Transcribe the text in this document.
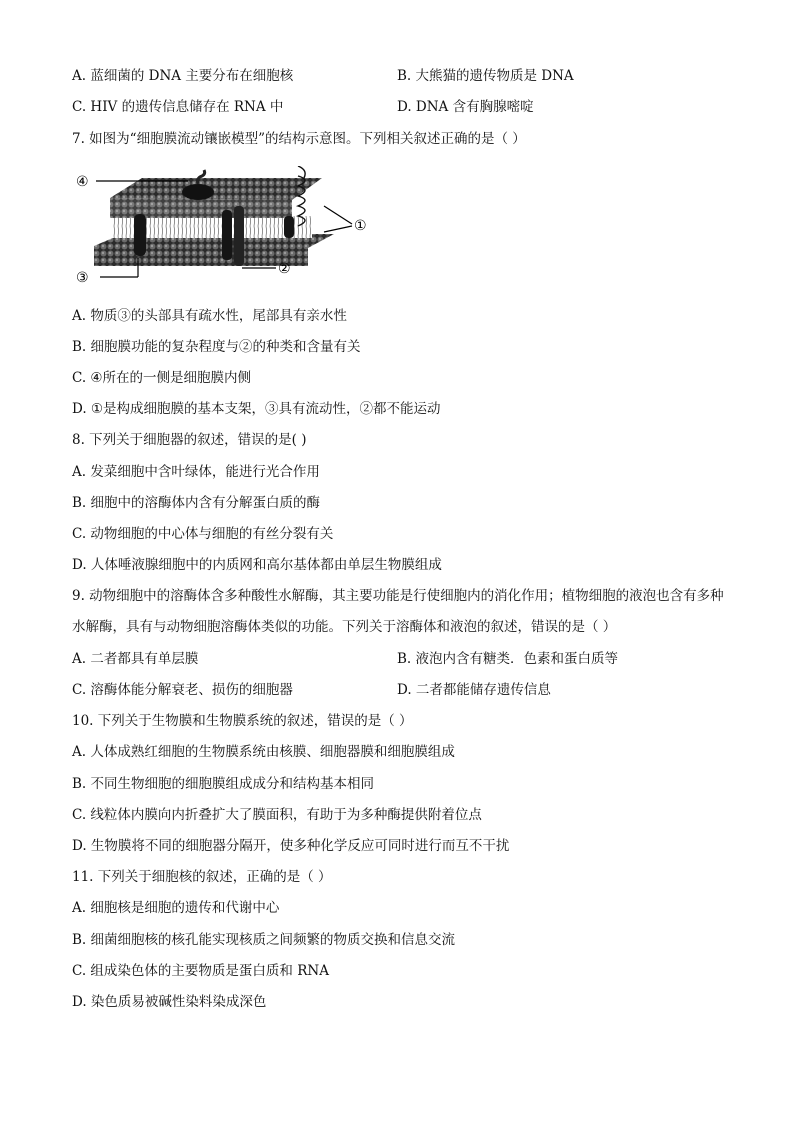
A. 蓝细菌的 DNA 主要分布在细胞核	B. 大熊猫的遗传物质是 DNA
C. HIV 的遗传信息储存在 RNA 中	D. DNA 含有胸腺嘧啶
7. 如图为“细胞膜流动镶嵌模型”的结构示意图。下列相关叙述正确的是（ ）
④
③
②
①
A. 物质③的头部具有疏水性，尾部具有亲水性
B. 细胞膜功能的复杂程度与②的种类和含量有关
C. ④所在的一侧是细胞膜内侧
D. ①是构成细胞膜的基本支架，③具有流动性，②都不能运动
8. 下列关于细胞器的叙述，错误的是( )
A. 发菜细胞中含叶绿体，能进行光合作用
B. 细胞中的溶酶体内含有分解蛋白质的酶
C. 动物细胞的中心体与细胞的有丝分裂有关
D. 人体唾液腺细胞中的内质网和高尔基体都由单层生物膜组成
9. 动物细胞中的溶酶体含多种酸性水解酶，其主要功能是行使细胞内的消化作用；植物细胞的液泡也含有多种水解酶，具有与动物细胞溶酶体类似的功能。下列关于溶酶体和液泡的叙述，错误的是（ ）
A. 二者都具有单层膜	B. 液泡内含有糖类．色素和蛋白质等
C. 溶酶体能分解衰老、损伤的细胞器	D. 二者都能储存遗传信息
10. 下列关于生物膜和生物膜系统的叙述，错误的是（ ）
A. 人体成熟红细胞的生物膜系统由核膜、细胞器膜和细胞膜组成
B. 不同生物细胞的细胞膜组成成分和结构基本相同
C. 线粒体内膜向内折叠扩大了膜面积，有助于为多种酶提供附着位点
D. 生物膜将不同的细胞器分隔开，使多种化学反应可同时进行而互不干扰
11. 下列关于细胞核的叙述，正确的是（ ）
A. 细胞核是细胞的遗传和代谢中心
B. 细菌细胞核的核孔能实现核质之间频繁的物质交换和信息交流
C. 组成染色体的主要物质是蛋白质和 RNA
D. 染色质易被碱性染料染成深色
